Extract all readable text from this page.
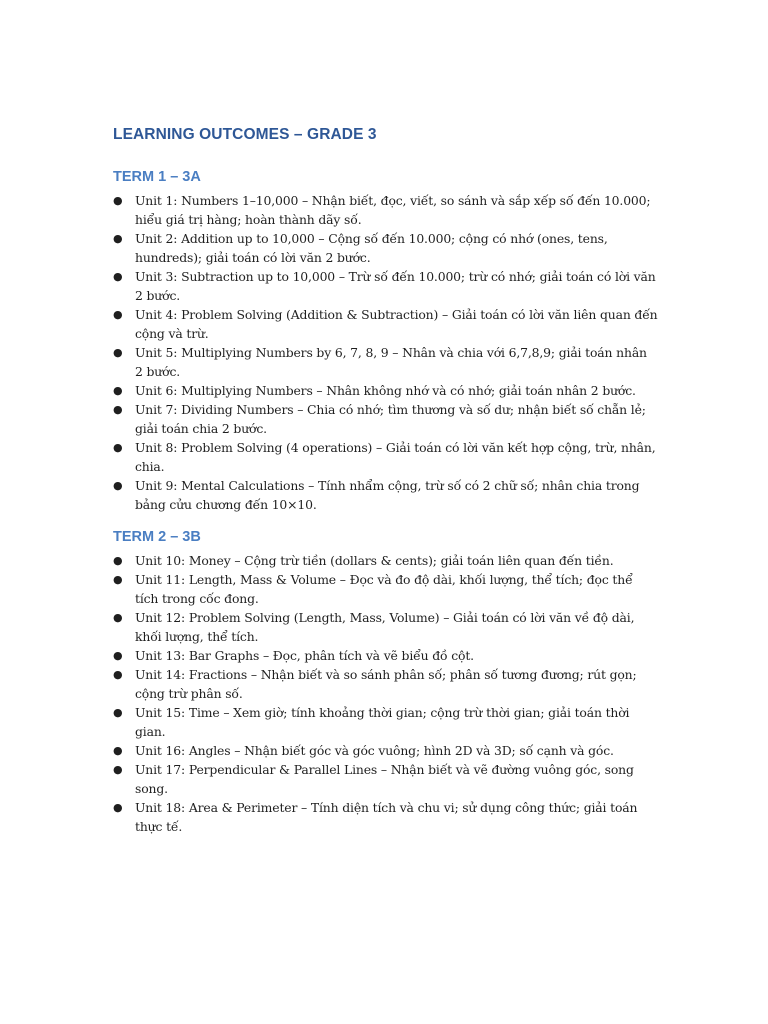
LEARNING OUTCOMES – GRADE 3
TERM 1 – 3A
● Unit 1: Numbers 1–10,000 – Nhận biết, đọc, viết, so sánh và sắp xếp số đến 10.000; hiểu giá trị hàng; hoàn thành dãy số.
● Unit 2: Addition up to 10,000 – Cộng số đến 10.000; cộng có nhớ (ones, tens, hundreds); giải toán có lời văn 2 bước.
● Unit 3: Subtraction up to 10,000 – Trừ số đến 10.000; trừ có nhớ; giải toán có lời văn 2 bước.
● Unit 4: Problem Solving (Addition & Subtraction) – Giải toán có lời văn liên quan đến cộng và trừ.
● Unit 5: Multiplying Numbers by 6, 7, 8, 9 – Nhân và chia với 6,7,8,9; giải toán nhân 2 bước.
● Unit 6: Multiplying Numbers – Nhân không nhớ và có nhớ; giải toán nhân 2 bước.
● Unit 7: Dividing Numbers – Chia có nhớ; tìm thương và số dư; nhận biết số chẵn lẻ; giải toán chia 2 bước.
● Unit 8: Problem Solving (4 operations) – Giải toán có lời văn kết hợp cộng, trừ, nhân, chia.
● Unit 9: Mental Calculations – Tính nhẩm cộng, trừ số có 2 chữ số; nhân chia trong bảng cửu chương đến 10×10.
TERM 2 – 3B
● Unit 10: Money – Cộng trừ tiền (dollars & cents); giải toán liên quan đến tiền.
● Unit 11: Length, Mass & Volume – Đọc và đo độ dài, khối lượng, thể tích; đọc thể tích trong cốc đong.
● Unit 12: Problem Solving (Length, Mass, Volume) – Giải toán có lời văn về độ dài, khối lượng, thể tích.
● Unit 13: Bar Graphs – Đọc, phân tích và vẽ biểu đồ cột.
● Unit 14: Fractions – Nhận biết và so sánh phân số; phân số tương đương; rút gọn; cộng trừ phân số.
● Unit 15: Time – Xem giờ; tính khoảng thời gian; cộng trừ thời gian; giải toán thời gian.
● Unit 16: Angles – Nhận biết góc và góc vuông; hình 2D và 3D; số cạnh và góc.
● Unit 17: Perpendicular & Parallel Lines – Nhận biết và vẽ đường vuông góc, song song.
● Unit 18: Area & Perimeter – Tính diện tích và chu vi; sử dụng công thức; giải toán thực tế.
